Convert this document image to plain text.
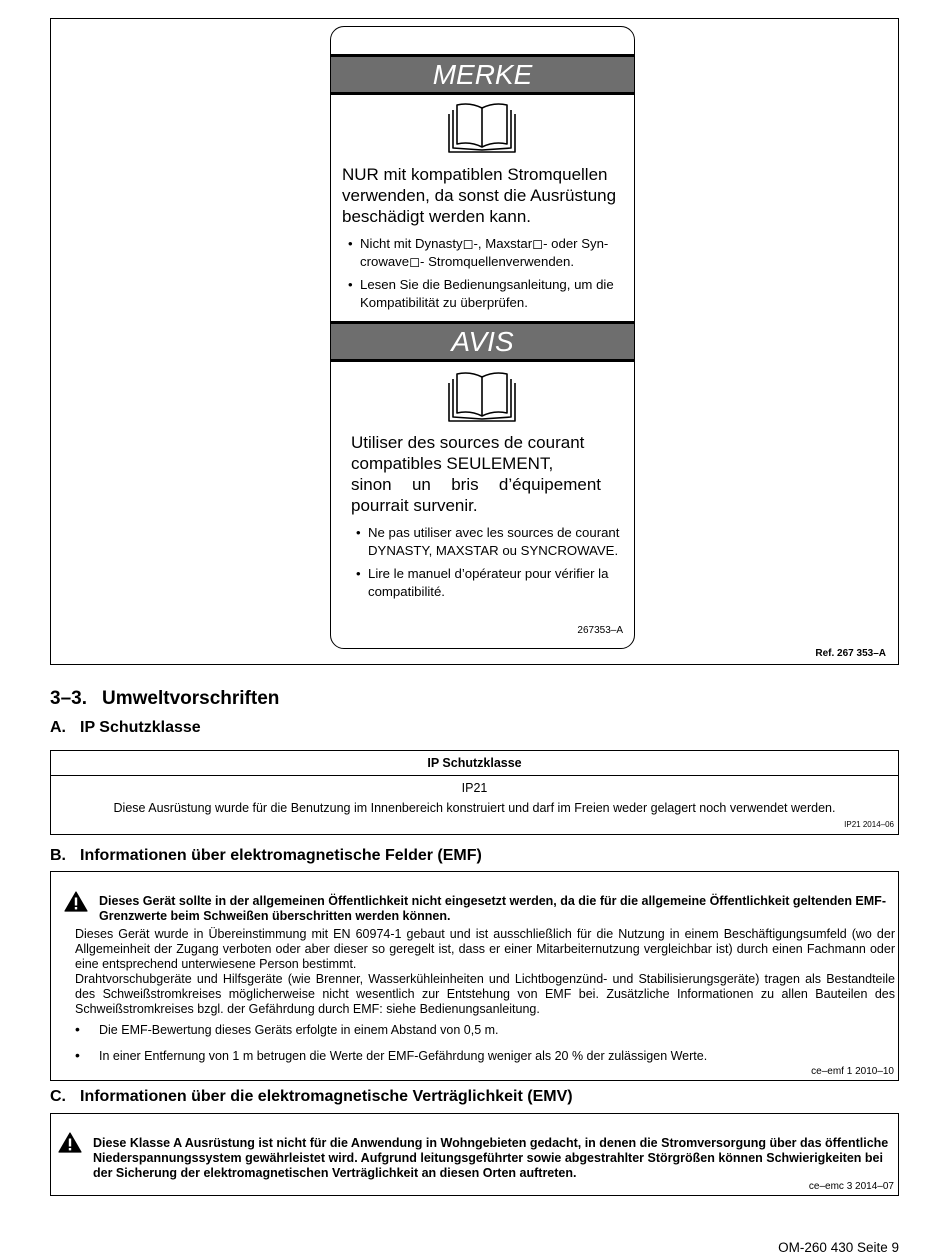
MERKE
NUR mit kompatiblen Stromquellen verwenden, da sonst die Ausrüstung beschädigt werden kann.
• Nicht mit Dynasty◻-, Maxstar◻- oder Syn-crowave◻- Stromquellenverwenden.
• Lesen Sie die Bedienungsanleitung, um die Kompatibilität zu überprüfen.
AVIS
Utiliser des sources de courant
compatibles SEULEMENT,
sinon un bris d’équipement
pourrait survenir.
• Ne pas utiliser avec les sources de courant DYNASTY, MAXSTAR ou SYNCROWAVE.
• Lire le manuel d’opérateur pour vérifier la compatibilité.
267353–A
Ref. 267 353–A
3–3. Umweltvorschriften
A. IP Schutzklasse
IP Schutzklasse
IP21
Diese Ausrüstung wurde für die Benutzung im Innenbereich konstruiert und darf im Freien weder gelagert noch verwendet werden.
IP21 2014–06
B. Informationen über elektromagnetische Felder (EMF)
Dieses Gerät sollte in der allgemeinen Öffentlichkeit nicht eingesetzt werden, da die für die allgemeine Öffentlichkeit geltenden EMF-Grenzwerte beim Schweißen überschritten werden können.
Dieses Gerät wurde in Übereinstimmung mit EN 60974-1 gebaut und ist ausschließlich für die Nutzung in einem Beschäftigungsumfeld (wo der Allgemeinheit der Zugang verboten oder aber dieser so geregelt ist, dass er einer Mitarbeiternutzung vergleichbar ist) durch einen Fachmann oder eine entsprechend unterwiesene Person bestimmt.
Drahtvorschubgeräte und Hilfsgeräte (wie Brenner, Wasserkühleinheiten und Lichtbogenzünd- und Stabilisierungsgeräte) tragen als Bestandteile des Schweißstromkreises möglicherweise nicht wesentlich zur Entstehung von EMF bei. Zusätzliche Informationen zu allen Bauteilen des Schweißstromkreises bzgl. der Gefährdung durch EMF: siehe Bedienungsanleitung.
• Die EMF-Bewertung dieses Geräts erfolgte in einem Abstand von 0,5 m.
• In einer Entfernung von 1 m betrugen die Werte der EMF-Gefährdung weniger als 20 % der zulässigen Werte.
ce–emf 1 2010–10
C. Informationen über die elektromagnetische Verträglichkeit (EMV)
Diese Klasse A Ausrüstung ist nicht für die Anwendung in Wohngebieten gedacht, in denen die Stromversorgung über das öffentliche Niederspannungssystem gewährleistet wird. Aufgrund leitungsgeführter sowie abgestrahlter Störgrößen können Schwierigkeiten bei der Sicherung der elektromagnetischen Verträglichkeit an diesen Orten auftreten.
ce–emc 3 2014–07
OM-260 430 Seite 9
